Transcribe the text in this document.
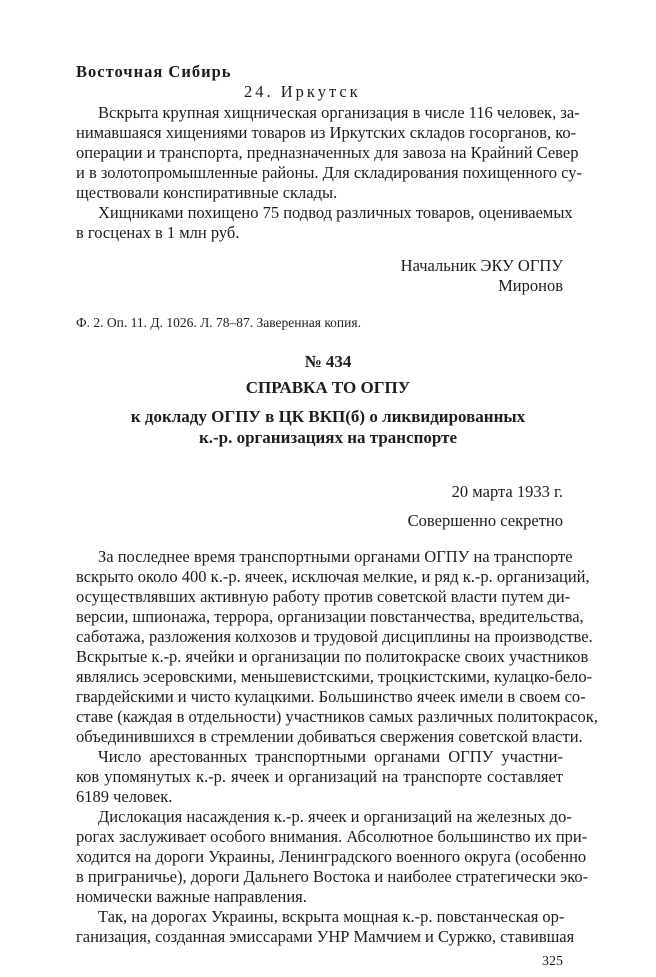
Восточная Сибирь
24. Иркутск
Вскрыта крупная хищническая организация в числе 116 человек, за-
нимавшаяся хищениями товаров из Иркутских складов госорганов, ко-
операции и транспорта, предназначенных для завоза на Крайний Север
и в золотопромышленные районы. Для складирования похищенного су-
ществовали конспиративные склады.
Хищниками похищено 75 подвод различных товаров, оцениваемых
в госценах в 1 млн руб.
Начальник ЭКУ ОГПУ
Миронов
Ф. 2. Оп. 11. Д. 1026. Л. 78–87. Заверенная копия.
№ 434
СПРАВКА ТО ОГПУ
к докладу ОГПУ в ЦК ВКП(б) о ликвидированных
к.-р. организациях на транспорте
20 марта 1933 г.
Совершенно секретно
За последнее время транспортными органами ОГПУ на транспорте
вскрыто около 400 к.-р. ячеек, исключая мелкие, и ряд к.-р. организаций,
осуществлявших активную работу против советской власти путем ди-
версии, шпионажа, террора, организации повстанчества, вредительства,
саботажа, разложения колхозов и трудовой дисциплины на производстве.
Вскрытые к.-р. ячейки и организации по политокраске своих участников
являлись эсеровскими, меньшевистскими, троцкистскими, кулацко-бело-
гвардейскими и чисто кулацкими. Большинство ячеек имели в своем со-
ставе (каждая в отдельности) участников самых различных политокрасок,
объединившихся в стремлении добиваться свержения советской власти.
Число арестованных транспортными органами ОГПУ участни-
ков упомянутых к.-р. ячеек и организаций на транспорте составляет
6189 человек.
Дислокация насаждения к.-р. ячеек и организаций на железных до-
рогах заслуживает особого внимания. Абсолютное большинство их при-
ходится на дороги Украины, Ленинградского военного округа (особенно
в приграничье), дороги Дальнего Востока и наиболее стратегически эко-
номически важные направления.
Так, на дорогах Украины, вскрыта мощная к.-р. повстанческая ор-
ганизация, созданная эмиссарами УНР Мамчием и Суржко, ставившая
325
